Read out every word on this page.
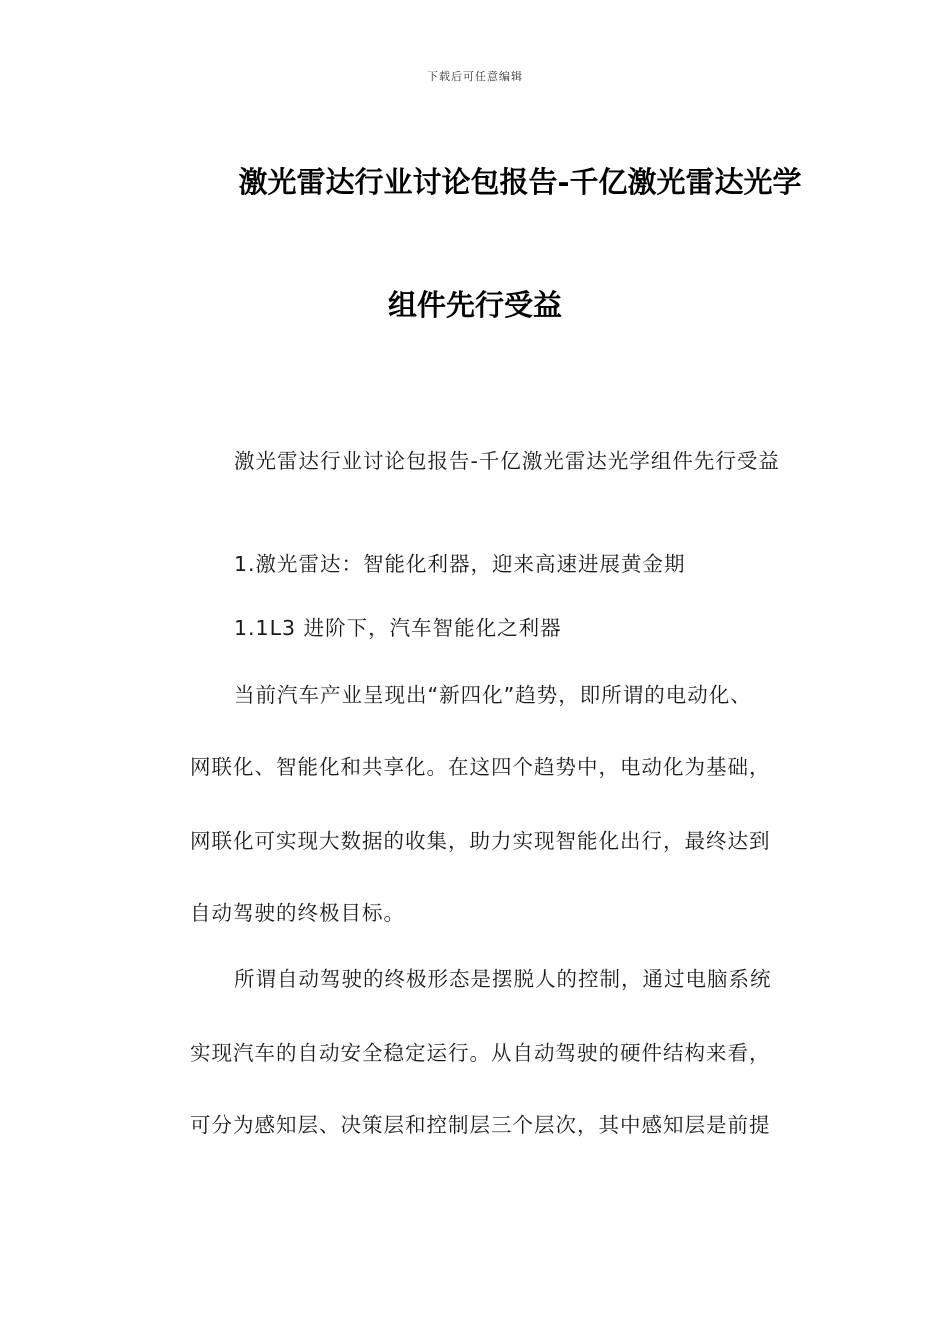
下载后可任意编辑
激光雷达行业讨论包报告-千亿激光雷达光学
组件先行受益
激光雷达行业讨论包报告-千亿激光雷达光学组件先行受益
1.激光雷达：智能化利器，迎来高速进展黄金期
1.1L3 进阶下，汽车智能化之利器
当前汽车产业呈现出“新四化”趋势，即所谓的电动化、
网联化、智能化和共享化。在这四个趋势中，电动化为基础，
网联化可实现大数据的收集，助力实现智能化出行，最终达到
自动驾驶的终极目标。
所谓自动驾驶的终极形态是摆脱人的控制，通过电脑系统
实现汽车的自动安全稳定运行。从自动驾驶的硬件结构来看，
可分为感知层、决策层和控制层三个层次，其中感知层是前提
